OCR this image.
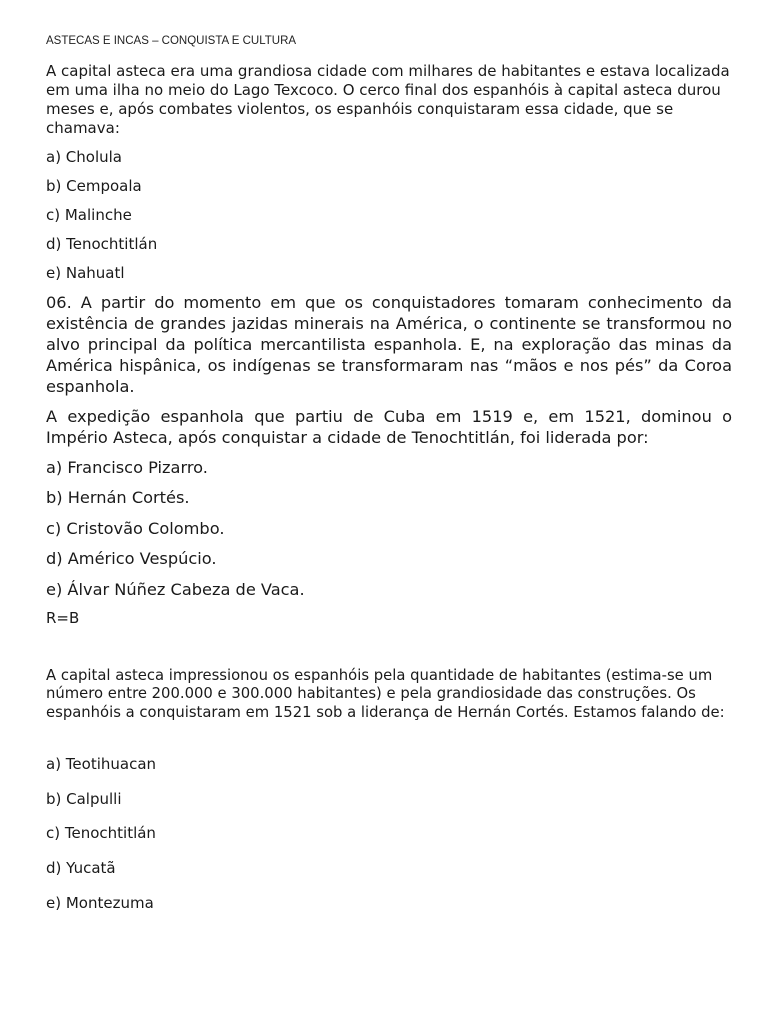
ASTECAS E INCAS – CONQUISTA E CULTURA
A capital asteca era uma grandiosa cidade com milhares de habitantes e estava localizada em uma ilha no meio do Lago Texcoco. O cerco final dos espanhóis à capital asteca durou meses e, após combates violentos, os espanhóis conquistaram essa cidade, que se chamava:
a) Cholula
b) Cempoala
c) Malinche
d) Tenochtitlán
e) Nahuatl
06. A partir do momento em que os conquistadores tomaram conhecimento da existência de grandes jazidas minerais na América, o continente se transformou no alvo principal da política mercantilista espanhola. E, na exploração das minas da América hispânica, os indígenas se transformaram nas “mãos e nos pés” da Coroa espanhola.
A expedição espanhola que partiu de Cuba em 1519 e, em 1521, dominou o Império Asteca, após conquistar a cidade de Tenochtitlán, foi liderada por:
a) Francisco Pizarro.
b) Hernán Cortés.
c) Cristovão Colombo.
d) Américo Vespúcio.
e) Álvar Núñez Cabeza de Vaca.
R=B
A capital asteca impressionou os espanhóis pela quantidade de habitantes (estima-se um número entre 200.000 e 300.000 habitantes) e pela grandiosidade das construções. Os espanhóis a conquistaram em 1521 sob a liderança de Hernán Cortés. Estamos falando de:
a) Teotihuacan
b) Calpulli
c) Tenochtitlán
d) Yucatã
e) Montezuma
